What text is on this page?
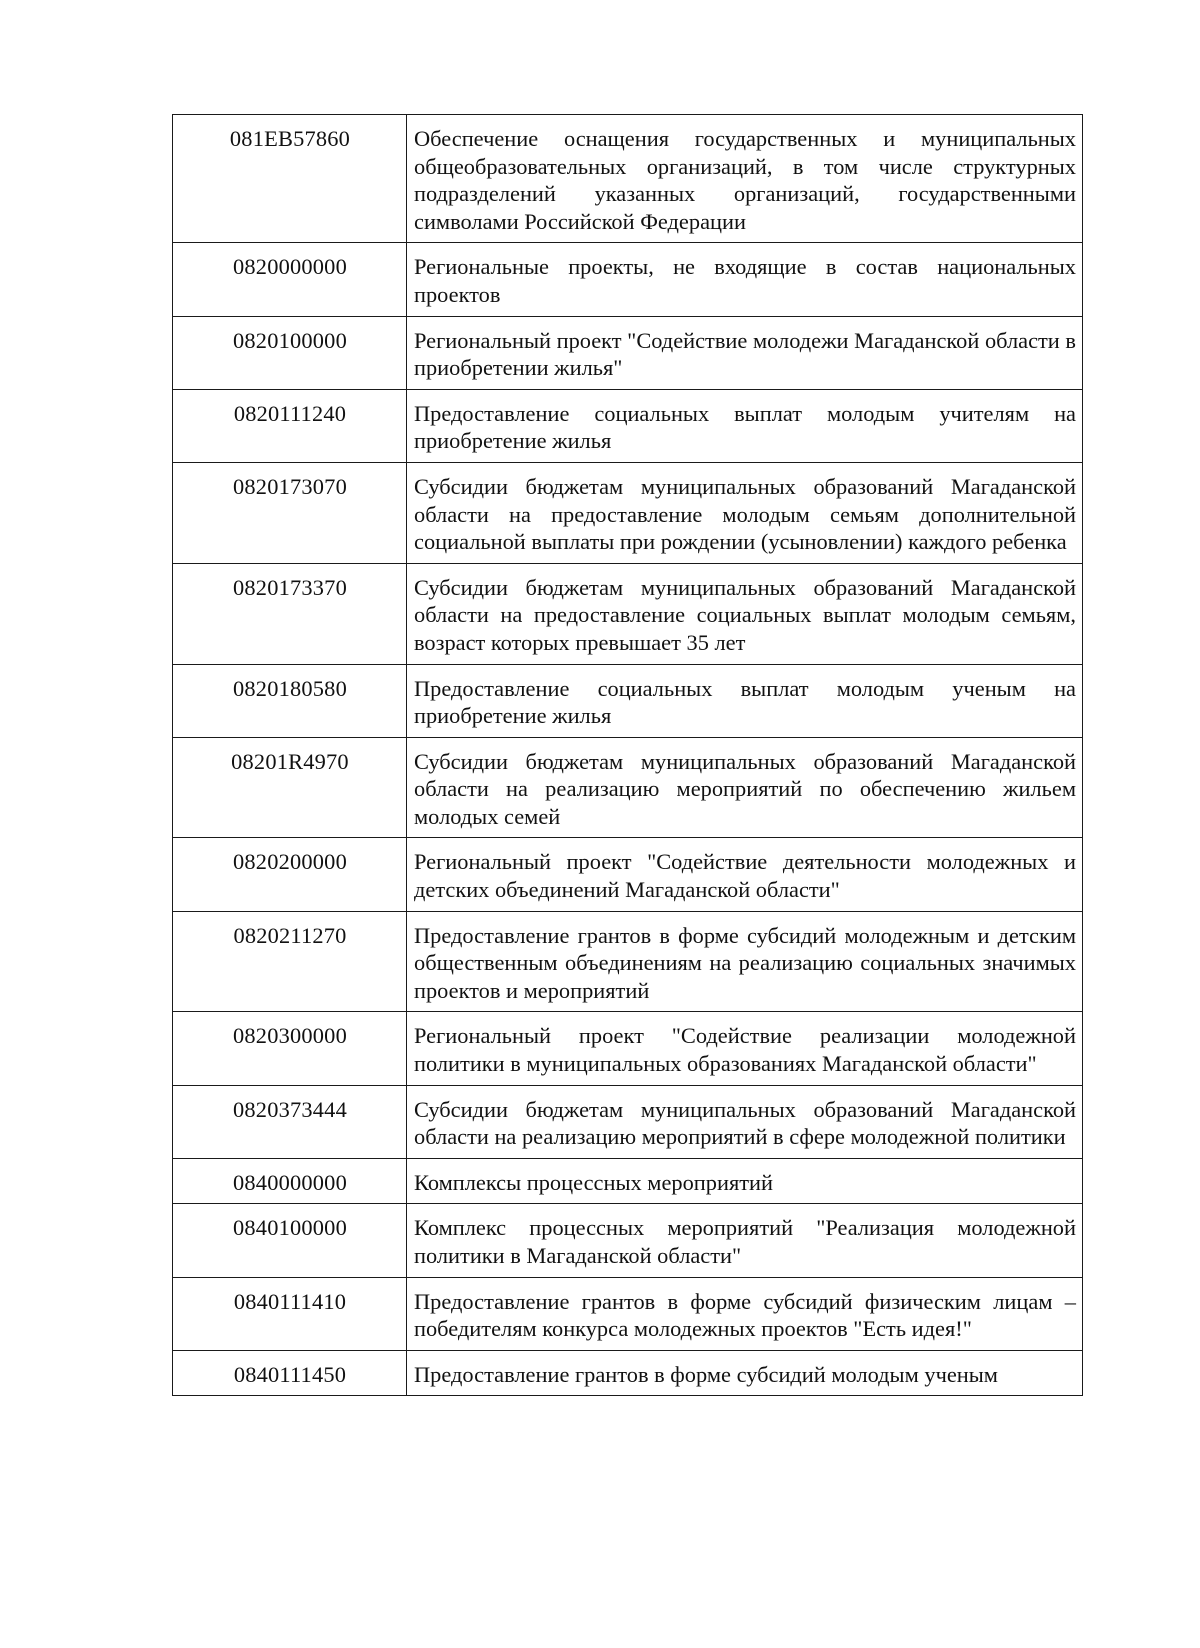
081EB57860	Обеспечение оснащения государственных и муниципальных общеобразовательных организаций, в том числе структурных подразделений указанных организаций, государственными символами Российской Федерации
0820000000	Региональные проекты, не входящие в состав национальных проектов
0820100000	Региональный проект "Содействие молодежи Магаданской области в приобретении жилья"
0820111240	Предоставление социальных выплат молодым учителям на приобретение жилья
0820173070	Субсидии бюджетам муниципальных образований Магаданской области на предоставление молодым семьям дополнительной социальной выплаты при рождении (усыновлении) каждого ребенка
0820173370	Субсидии бюджетам муниципальных образований Магаданской области на предоставление социальных выплат молодым семьям, возраст которых превышает 35 лет
0820180580	Предоставление социальных выплат молодым ученым на приобретение жилья
08201R4970	Субсидии бюджетам муниципальных образований Магаданской области на реализацию мероприятий по обеспечению жильем молодых семей
0820200000	Региональный проект "Содействие деятельности молодежных и детских объединений Магаданской области"
0820211270	Предоставление грантов в форме субсидий молодежным и детским общественным объединениям на реализацию социальных значимых проектов и мероприятий
0820300000	Региональный проект "Содействие реализации молодежной политики в муниципальных образованиях Магаданской области"
0820373444	Субсидии бюджетам муниципальных образований Магаданской области на реализацию мероприятий в сфере молодежной политики
0840000000	Комплексы процессных мероприятий
0840100000	Комплекс процессных мероприятий "Реализация молодежной политики в Магаданской области"
0840111410	Предоставление грантов в форме субсидий физическим лицам – победителям конкурса молодежных проектов "Есть идея!"
0840111450	Предоставление грантов в форме субсидий молодым ученым
